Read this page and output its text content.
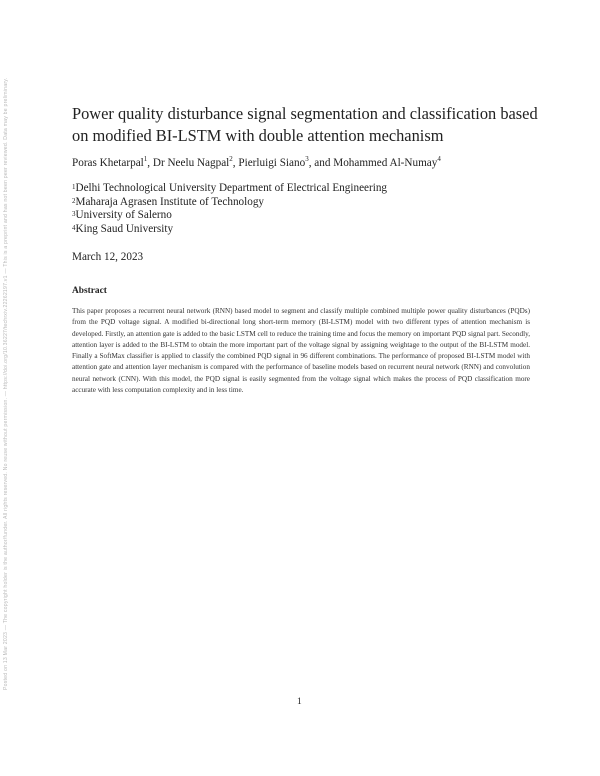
Posted on 13 Mar 2023 — The copyright holder is the author/funder. All rights reserved. No reuse without permission. — https://doi.org/10.36227/techrxiv.22262197.v1 — This is a preprint and has not been peer reviewed. Data may be preliminary.	Power quality disturbance signal segmentation and classification based on modified BI-LSTM with double attention mechanism
Poras Khetarpal$^1$, Dr Neelu Nagpal$^2$, Pierluigi Siano$^3$, and Mohammed Al-Numay$^4$
$^1$Delhi Technological University Department of Electrical Engineering
$^2$Maharaja Agrasen Institute of Technology
$^3$University of Salerno
$^4$King Saud University
March 12, 2023
Abstract

This paper proposes a recurrent neural network (RNN) based model to segment and classify multiple combined multiple power quality disturbances (PQDs) from the PQD voltage signal. A modified bi-directional long short-term memory (BI-LSTM) model with two different types of attention mechanism is developed. Firstly, an attention gate is added to the basic LSTM cell to reduce the training time and focus the memory on important PQD signal part. Secondly, attention layer is added to the BI-LSTM to obtain the more important part of the voltage signal by assigning weightage to the output of the BI-LSTM model. Finally a SoftMax classifier is applied to classify the combined PQD signal in 96 different combinations. The performance of proposed BI-LSTM model with attention gate and attention layer mechanism is compared with the performance of baseline models based on recurrent neural network (RNN) and convolution neural network (CNN). With this model, the PQD signal is easily segmented from the voltage signal which makes the process of PQD classification more accurate with less computation complexity and in less time.

1
